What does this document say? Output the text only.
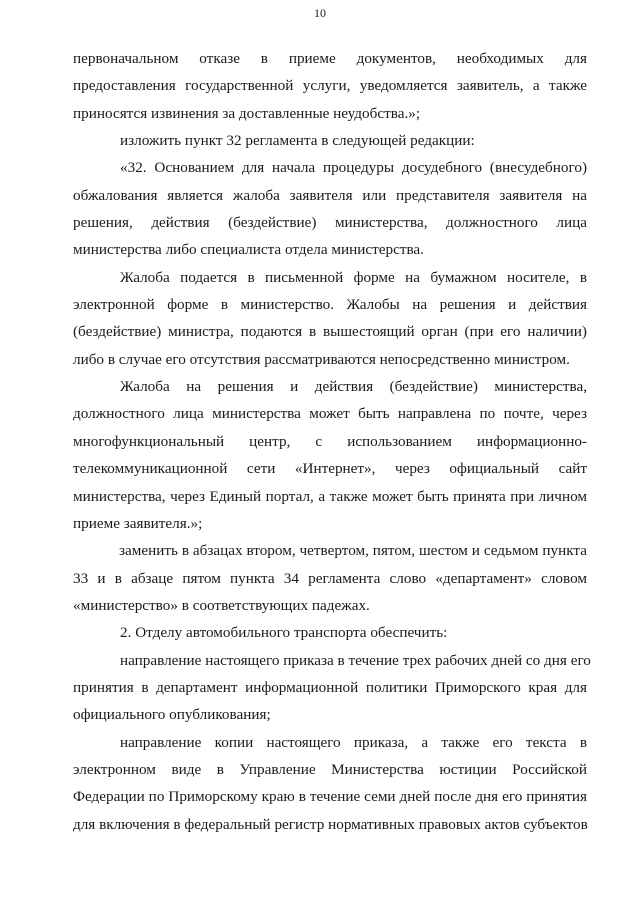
10
первоначальном отказе в приеме документов, необходимых для
предоставления государственной услуги, уведомляется заявитель, а также
приносятся извинения за доставленные неудобства.»;
изложить пункт 32 регламента в следующей редакции:
«32. Основанием для начала процедуры досудебного (внесудебного)
обжалования является жалоба заявителя или представителя заявителя на
решения, действия (бездействие) министерства, должностного лица
министерства либо специалиста отдела министерства.
Жалоба подается в письменной форме на бумажном носителе, в
электронной форме в министерство. Жалобы на решения и действия
(бездействие) министра, подаются в вышестоящий орган (при его наличии)
либо в случае его отсутствия рассматриваются непосредственно министром.
Жалоба на решения и действия (бездействие) министерства,
должностного лица министерства может быть направлена по почте, через
многофункциональный центр, с использованием информационно-
телекоммуникационной сети «Интернет», через официальный сайт
министерства, через Единый портал, а также может быть принята при личном
приеме заявителя.»;
заменить в абзацах втором, четвертом, пятом, шестом и седьмом пункта
33 и в абзаце пятом пункта 34 регламента слово «департамент» словом
«министерство» в соответствующих падежах.
2. Отделу автомобильного транспорта обеспечить:
направление настоящего приказа в течение трех рабочих дней со дня его
принятия в департамент информационной политики Приморского края для
официального опубликования;
направление копии настоящего приказа, а также его текста в
электронном виде в Управление Министерства юстиции Российской
Федерации по Приморскому краю в течение семи дней после дня его принятия
для включения в федеральный регистр нормативных правовых актов субъектов
